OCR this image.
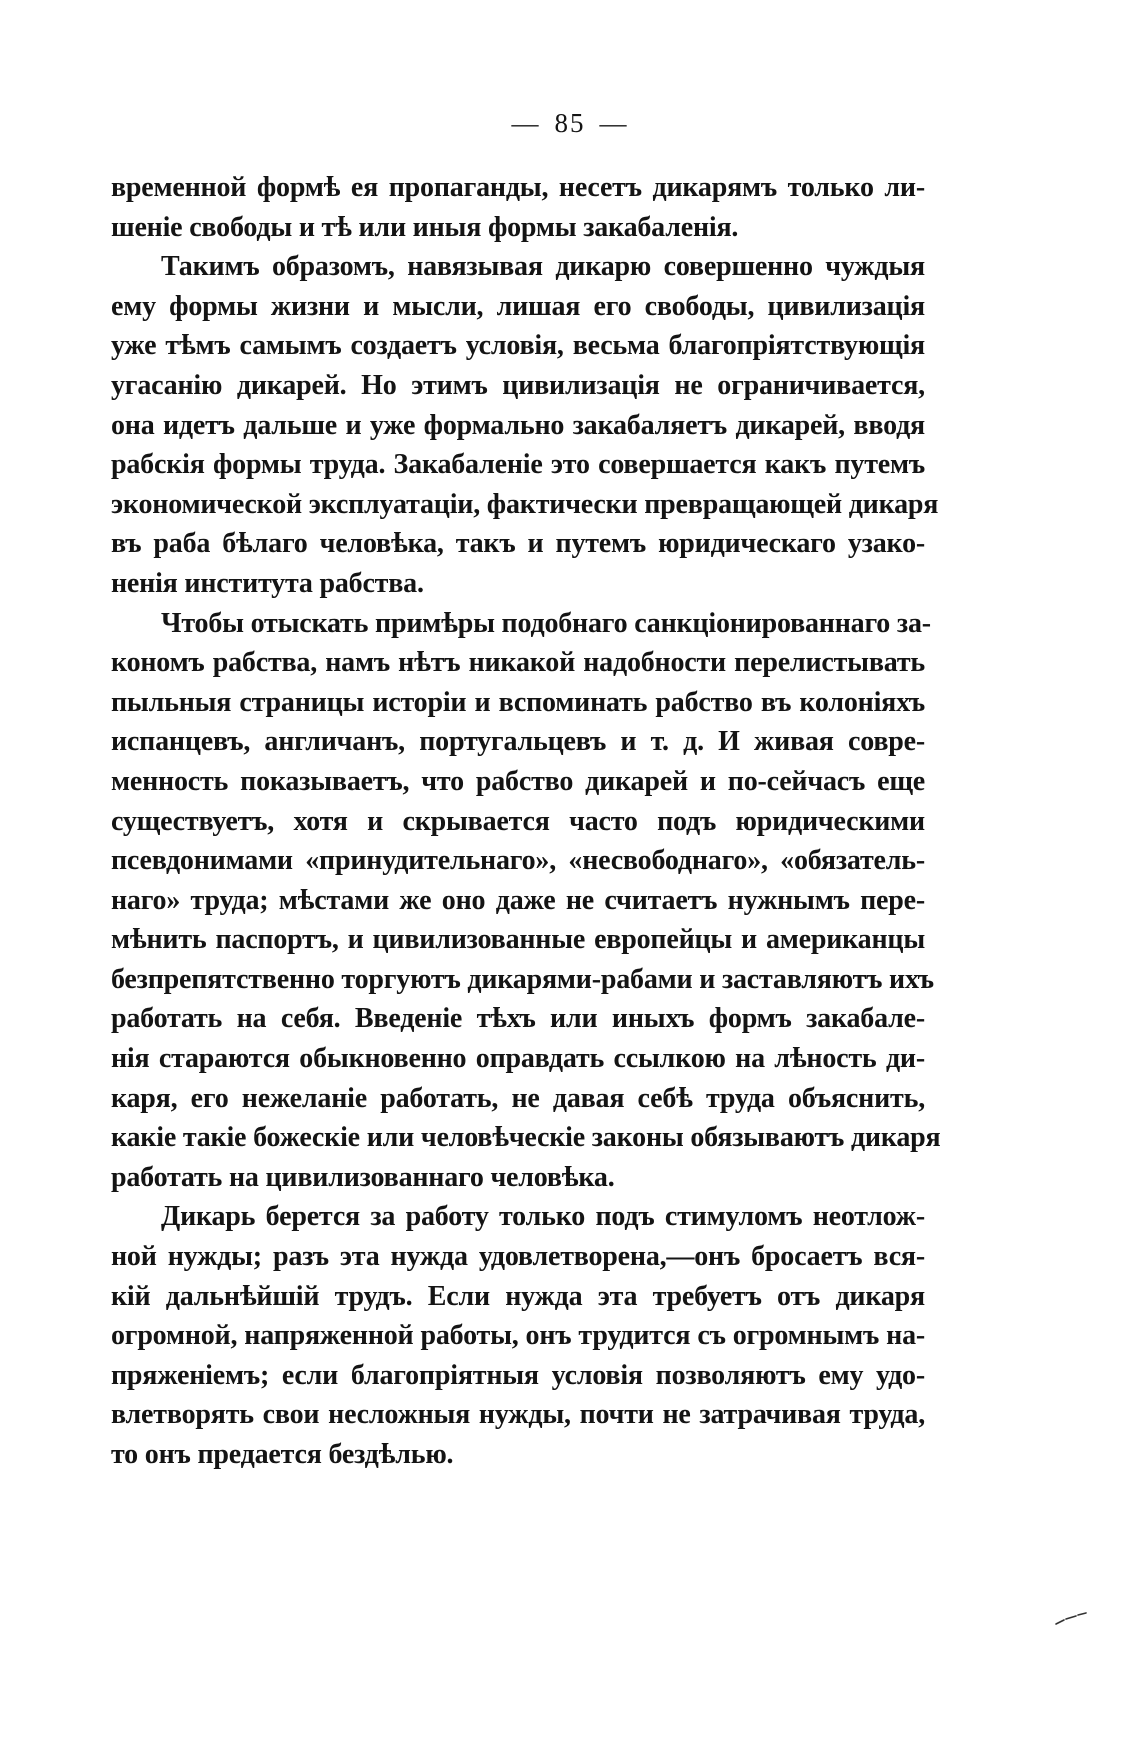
— 85 —
временной формѣ ея пропаганды, несетъ дикарямъ только ли-
шеніе свободы и тѣ или иныя формы закабаленія.
Такимъ образомъ, навязывая дикарю совершенно чуждыя
ему формы жизни и мысли, лишая его свободы, цивилизація
уже тѣмъ самымъ создаетъ условія, весьма благопріятствующія
угасанію дикарей. Но этимъ цивилизація не ограничивается,
она идетъ дальше и уже формально закабаляетъ дикарей, вводя
рабскія формы труда. Закабаленіе это совершается какъ путемъ
экономической эксплуатаціи, фактически превращающей дикаря
въ раба бѣлаго человѣка, такъ и путемъ юридическаго узако-
ненія института рабства.
Чтобы отыскать примѣры подобнаго санкціонированнаго за-
кономъ рабства, намъ нѣтъ никакой надобности перелистывать
пыльныя страницы исторіи и вспоминать рабство въ колоніяхъ
испанцевъ, англичанъ, португальцевъ и т. д. И живая совре-
менность показываетъ, что рабство дикарей и по-сейчасъ еще
существуетъ, хотя и скрывается часто подъ юридическими
псевдонимами «принудительнаго», «несвободнаго», «обязатель-
наго» труда; мѣстами же оно даже не считаетъ нужнымъ пере-
мѣнить паспортъ, и цивилизованные европейцы и американцы
безпрепятственно торгуютъ дикарями-рабами и заставляютъ ихъ
работать на себя. Введеніе тѣхъ или иныхъ формъ закабале-
нія стараются обыкновенно оправдать ссылкою на лѣность ди-
каря, его нежеланіе работать, не давая себѣ труда объяснить,
какіе такіе божескіе или человѣческіе законы обязываютъ дикаря
работать на цивилизованнаго человѣка.
Дикарь берется за работу только подъ стимуломъ неотлож-
ной нужды; разъ эта нужда удовлетворена,—онъ бросаетъ вся-
кій дальнѣйшій трудъ. Если нужда эта требуетъ отъ дикаря
огромной, напряженной работы, онъ трудится съ огромнымъ на-
пряженіемъ; если благопріятныя условія позволяютъ ему удо-
влетворять свои несложныя нужды, почти не затрачивая труда,
то онъ предается бездѣлью.
